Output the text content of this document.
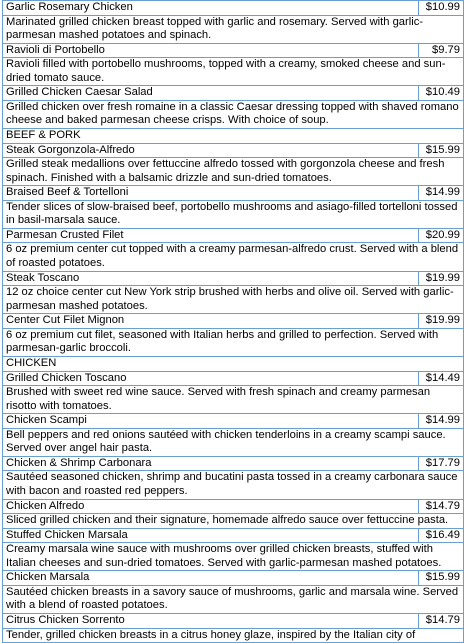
Garlic Rosemary Chicken	$10.99
Marinated grilled chicken breast topped with garlic and rosemary. Served with garlic-parmesan mashed potatoes and spinach.	
Ravioli di Portobello	$9.79
Ravioli filled with portobello mushrooms, topped with a creamy, smoked cheese and sun-dried tomato sauce.	
Grilled Chicken Caesar Salad	$10.49
Grilled chicken over fresh romaine in a classic Caesar dressing topped with shaved romano cheese and baked parmesan cheese crisps. With choice of soup.	
BEEF & PORK	
Steak Gorgonzola-Alfredo	$15.99
Grilled steak medallions over fettuccine alfredo tossed with gorgonzola cheese and fresh spinach. Finished with a balsamic drizzle and sun-dried tomatoes.	
Braised Beef & Tortelloni	$14.99
Tender slices of slow-braised beef, portobello mushrooms and asiago-filled tortelloni tossed in basil-marsala sauce.	
Parmesan Crusted Filet	$20.99
6 oz premium center cut topped with a creamy parmesan-alfredo crust. Served with a blend of roasted potatoes.	
Steak Toscano	$19.99
12 oz choice center cut New York strip brushed with herbs and olive oil. Served with garlic-parmesan mashed potatoes.	
Center Cut Filet Mignon	$19.99
6 oz premium cut filet, seasoned with Italian herbs and grilled to perfection. Served with parmesan-garlic broccoli.	
CHICKEN	
Grilled Chicken Toscano	$14.49
Brushed with sweet red wine sauce. Served with fresh spinach and creamy parmesan risotto with tomatoes.	
Chicken Scampi	$14.99
Bell peppers and red onions sautéed with chicken tenderloins in a creamy scampi sauce. Served over angel hair pasta.	
Chicken & Shrimp Carbonara	$17.79
Sautéed seasoned chicken, shrimp and bucatini pasta tossed in a creamy carbonara sauce with bacon and roasted red peppers.	
Chicken Alfredo	$14.79
Sliced grilled chicken and their signature, homemade alfredo sauce over fettuccine pasta.	
Stuffed Chicken Marsala	$16.49
Creamy marsala wine sauce with mushrooms over grilled chicken breasts, stuffed with Italian cheeses and sun-dried tomatoes. Served with garlic-parmesan mashed potatoes.	
Chicken Marsala	$15.99
Sautéed chicken breasts in a savory sauce of mushrooms, garlic and marsala wine. Served with a blend of roasted potatoes.	
Citrus Chicken Sorrento	$14.79
Tender, grilled chicken breasts in a citrus honey glaze, inspired by the Italian city of	
